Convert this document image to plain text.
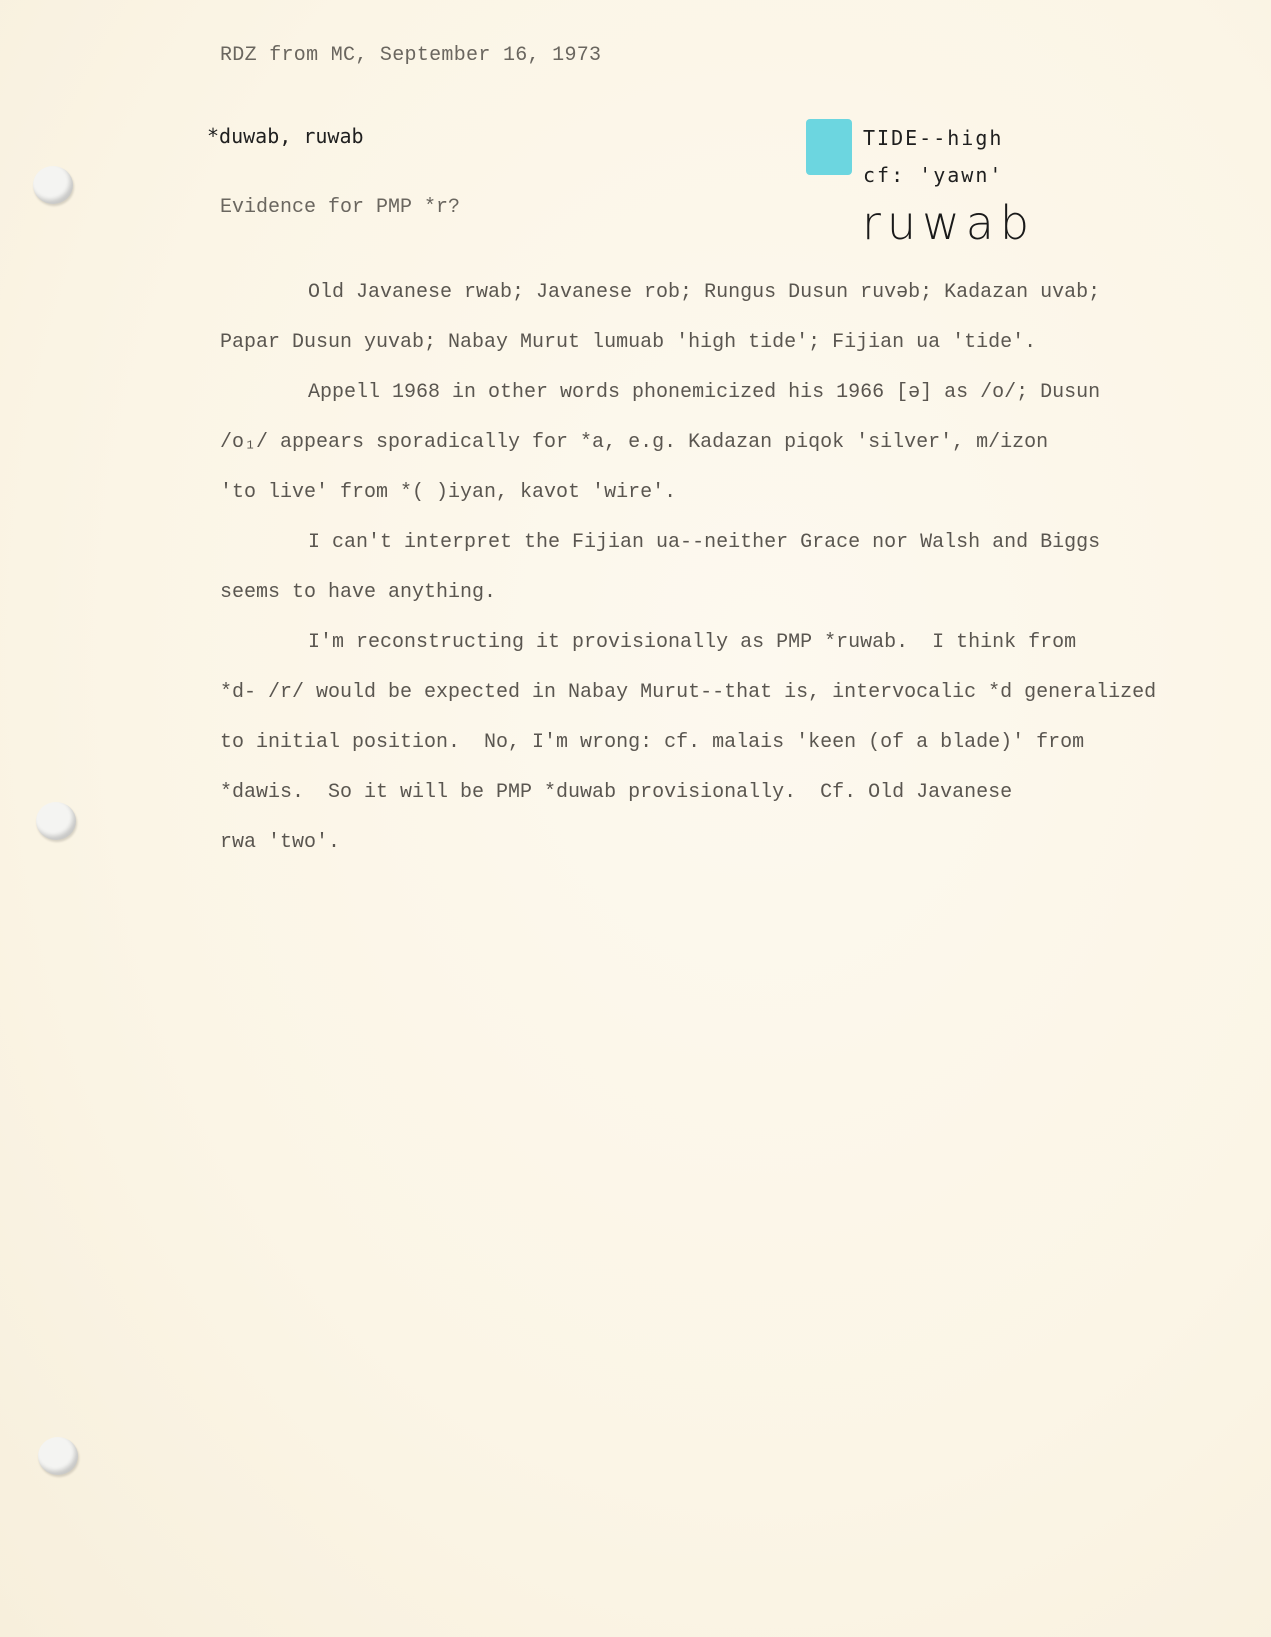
RDZ from MC, September 16, 1973
*duwab, ruwab	TIDE--high
cf: 'yawn'
ruwab
Evidence for PMP *r?
Old Javanese rwab; Javanese rob; Rungus Dusun ruvəb; Kadazan uvab;
Papar Dusun yuvab; Nabay Murut lumuab 'high tide'; Fijian ua 'tide'.
Appell 1968 in other words phonemicized his 1966 [ə] as /o/; Dusun
/o₁/ appears sporadically for *a, e.g. Kadazan piqok 'silver', m/izon
'to live' from *( )iyan, kavot 'wire'.
I can't interpret the Fijian ua--neither Grace nor Walsh and Biggs
seems to have anything.
I'm reconstructing it provisionally as PMP *ruwab.  I think from
*d- /r/ would be expected in Nabay Murut--that is, intervocalic *d generalized
to initial position.  No, I'm wrong: cf. malais 'keen (of a blade)' from
*dawis.  So it will be PMP *duwab provisionally.  Cf. Old Javanese
rwa 'two'.
